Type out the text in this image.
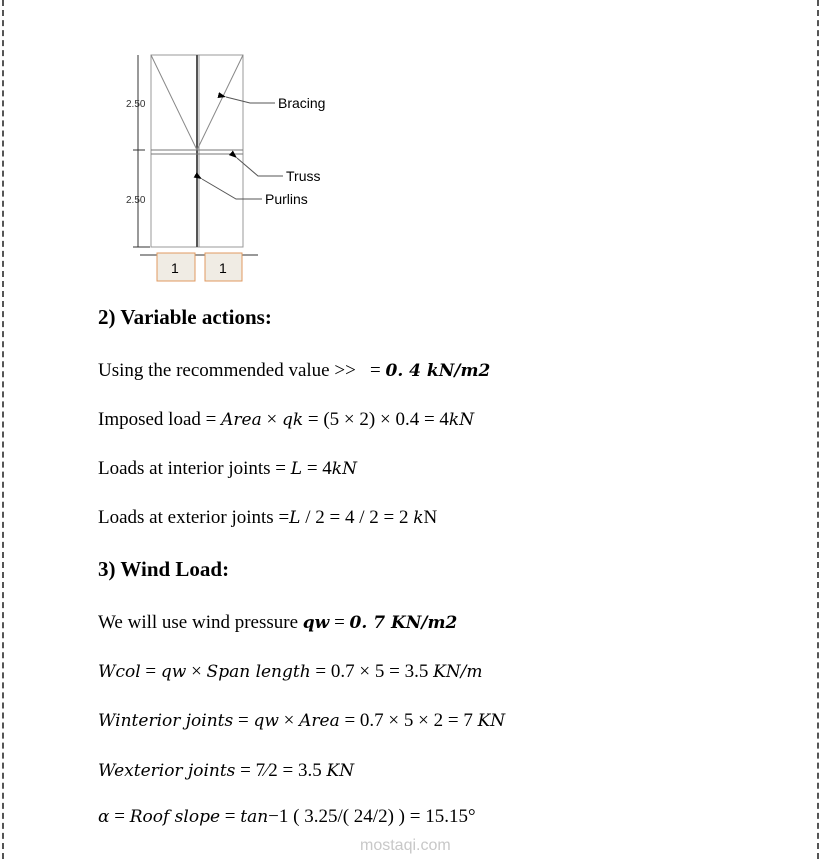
2.50
2.50
Bracing
Truss
Purlins
1	1
2) Variable actions:
Using the recommended value >>   = 0. 4 kN/m2
Imposed load = Area × qk = (5 × 2) × 0.4 = 4kN
Loads at interior joints = L = 4kN
Loads at exterior joints =L / 2 = 4 / 2 = 2 kN
3) Wind Load:
We will use wind pressure qw = 0. 7 KN/m2
Wcol = qw × Span length = 0.7 × 5 = 3.5 KN/m
Winterior joints = qw × Area = 0.7 × 5 × 2 = 7 KN
Wexterior joints = 7⁄2 = 3.5 KN
α = Roof slope = tan−1 ( 3.25/( 24/2) ) = 15.15°
mostaqi.com
